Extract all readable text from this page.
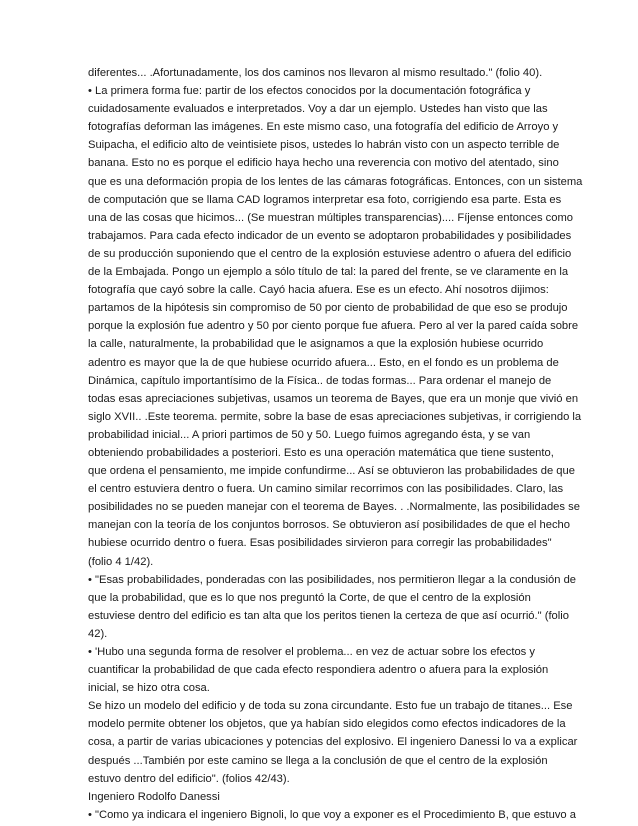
diferentes... .Afortunadamente, los dos caminos nos llevaron al mismo resultado." (folio 40).
• La primera forma fue: partir de los efectos conocidos por la documentación fotográfica y
cuidadosamente evaluados e interpretados. Voy a dar un ejemplo. Ustedes han visto que las
fotografías deforman las imágenes. En este mismo caso, una fotografía del edificio de Arroyo y
Suipacha, el edificio alto de veintisiete pisos, ustedes lo habrán visto con un aspecto terrible de
banana. Esto no es porque el edificio haya hecho una reverencia con motivo del atentado, sino
que es una deformación propia de los lentes de las cámaras fotográficas. Entonces, con un sistema
de computación que se llama CAD logramos interpretar esa foto, corrigiendo esa parte. Esta es
una de las cosas que hicimos... (Se muestran múltiples transparencias).... Fíjense entonces como
trabajamos. Para cada efecto indicador de un evento se adoptaron probabilidades y posibilidades
de su producción suponiendo que el centro de la explosión estuviese adentro o afuera del edificio
de la Embajada. Pongo un ejemplo a sólo título de tal: la pared del frente, se ve claramente en la
fotografía que cayó sobre la calle. Cayó hacia afuera. Ese es un efecto. Ahí nosotros dijimos:
partamos de la hipótesis sin compromiso de 50 por ciento de probabilidad de que eso se produjo
porque la explosión fue adentro y 50 por ciento porque fue afuera. Pero al ver la pared caída sobre
la calle, naturalmente, la probabilidad que le asignamos a que la explosión hubiese ocurrido
adentro es mayor que la de que hubiese ocurrido afuera... Esto, en el fondo es un problema de
Dinámica, capítulo importantísimo de la Física.. de todas formas... Para ordenar el manejo de
todas esas apreciaciones subjetivas, usamos un teorema de Bayes, que era un monje que vivió en
siglo XVII.. .Este teorema. permite, sobre la base de esas apreciaciones subjetivas, ir corrigiendo la
probabilidad inicial... A priori partimos de 50 y 50. Luego fuimos agregando ésta, y se van
obteniendo probabilidades a posteriori. Esto es una operación matemática que tiene sustento,
que ordena el pensamiento, me impide confundirme... Así se obtuvieron las probabilidades de que
el centro estuviera dentro o fuera. Un camino similar recorrimos con las posibilidades. Claro, las
posibilidades no se pueden manejar con el teorema de Bayes. . .Normalmente, las posibilidades se
manejan con la teoría de los conjuntos borrosos. Se obtuvieron así posibilidades de que el hecho
hubiese ocurrido dentro o fuera. Esas posibilidades sirvieron para corregir las probabilidades"
(folio 4 1/42).
• "Esas probabilidades, ponderadas con las posibilidades, nos permitieron llegar a la condusión de
que la probabilidad, que es lo que nos preguntó la Corte, de que el centro de la explosión
estuviese dentro del edificio es tan alta que los peritos tienen la certeza de que así ocurrió." (folio
42).
• 'Hubo una segunda forma de resolver el problema... en vez de actuar sobre los efectos y
cuantificar la probabilidad de que cada efecto respondiera adentro o afuera para la explosión
inicial, se hizo otra cosa.
Se hizo un modelo del edificio y de toda su zona circundante. Esto fue un trabajo de titanes... Ese
modelo permite obtener los objetos, que ya habían sido elegidos como efectos indicadores de la
cosa, a partir de varias ubicaciones y potencias del explosivo. El ingeniero Danessi lo va a explicar
después ...También por este camino se llega a la conclusión de que el centro de la explosión
estuvo dentro del edificio". (folios 42/43).
Ingeniero Rodolfo Danessi
• "Como ya indicara el ingeniero Bignoli, lo que voy a exponer es el Procedimiento B, que estuvo a
